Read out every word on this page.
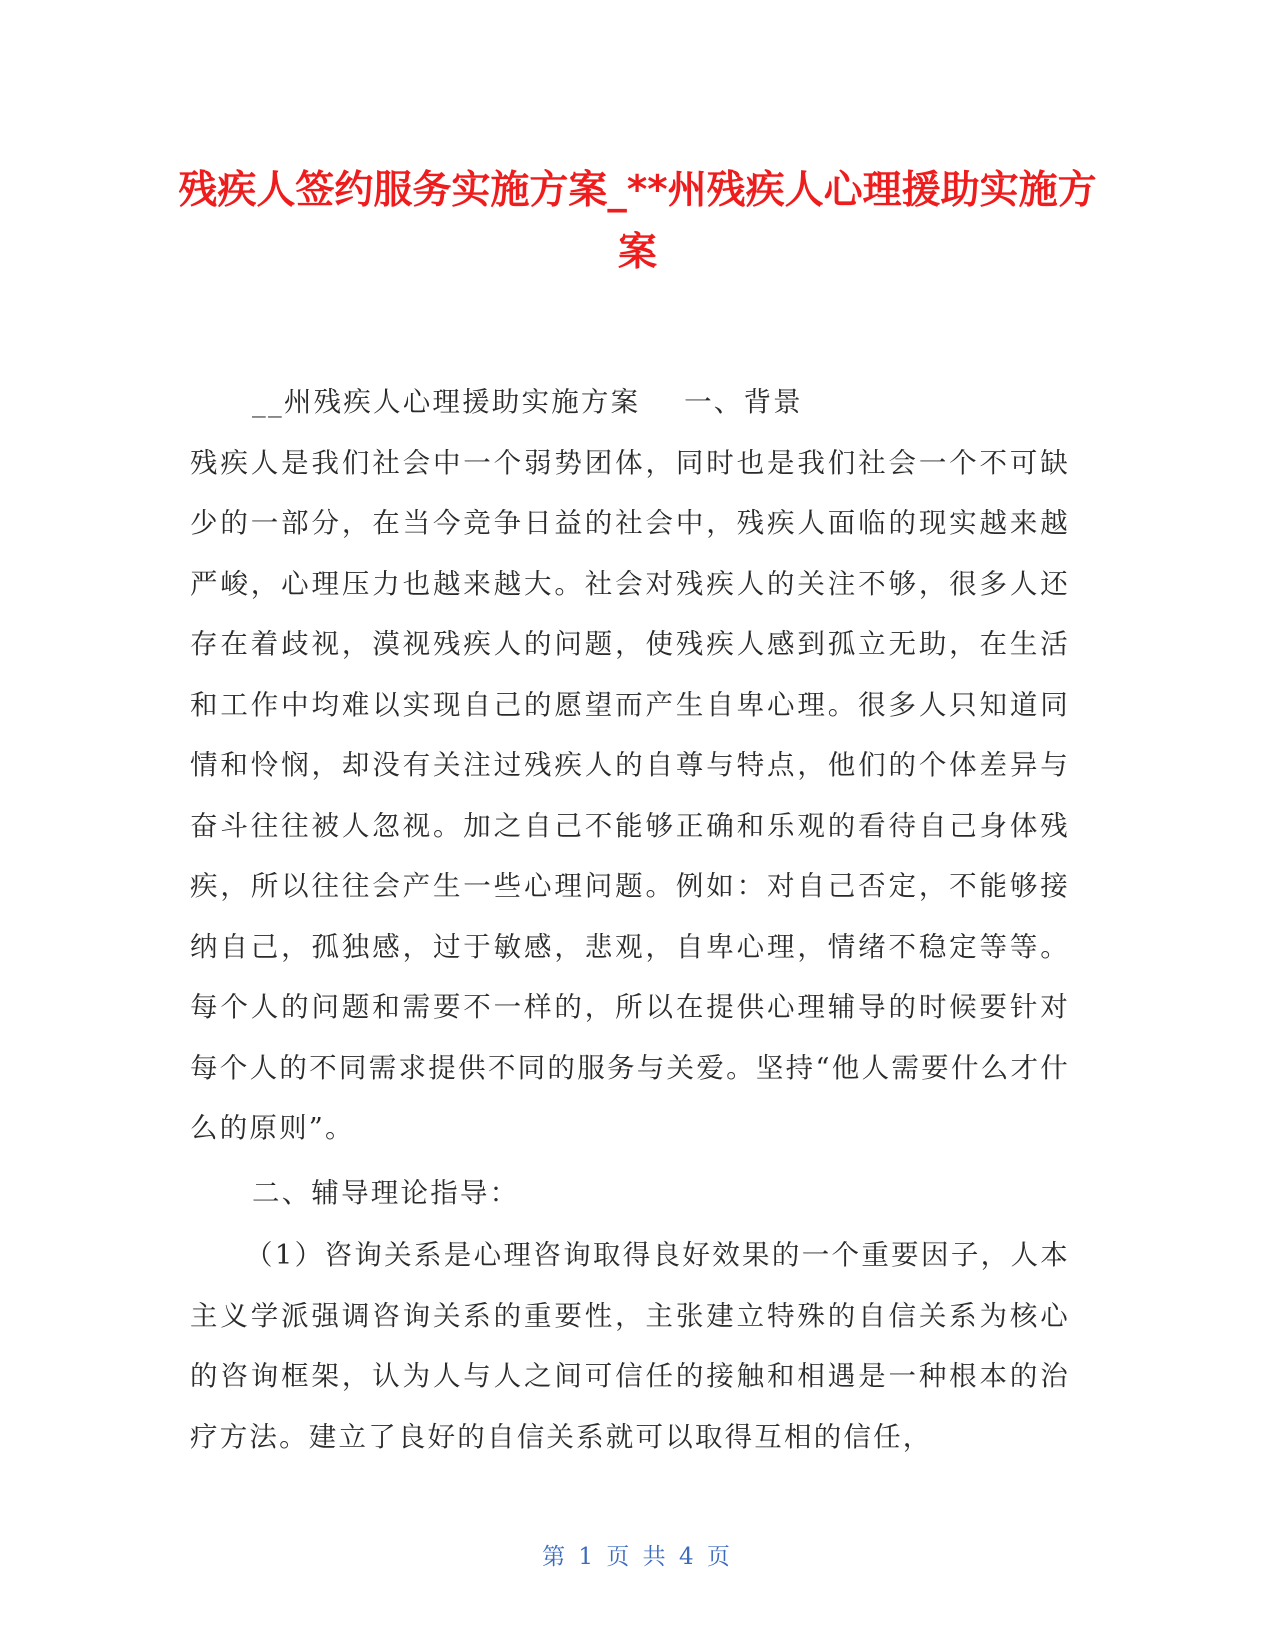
残疾人签约服务实施方案_**州残疾人心理援助实施方案

__州残疾人心理援助实施方案    一、背景

残疾人是我们社会中一个弱势团体，同时也是我们社会一个不可缺少的一部分，在当今竞争日益的社会中，残疾人面临的现实越来越严峻，心理压力也越来越大。社会对残疾人的关注不够，很多人还存在着歧视，漠视残疾人的问题，使残疾人感到孤立无助，在生活和工作中均难以实现自己的愿望而产生自卑心理。很多人只知道同情和怜悯，却没有关注过残疾人的自尊与特点，他们的个体差异与奋斗往往被人忽视。加之自己不能够正确和乐观的看待自己身体残疾，所以往往会产生一些心理问题。例如：对自己否定，不能够接纳自己，孤独感，过于敏感，悲观，自卑心理，情绪不稳定等等。每个人的问题和需要不一样的，所以在提供心理辅导的时候要针对每个人的不同需求提供不同的服务与关爱。坚持“他人需要什么才什么的原则”。

二、辅导理论指导：

（1）咨询关系是心理咨询取得良好效果的一个重要因子，人本主义学派强调咨询关系的重要性，主张建立特殊的自信关系为核心的咨询框架，认为人与人之间可信任的接触和相遇是一种根本的治疗方法。建立了良好的自信关系就可以取得互相的信任，

第 1 页 共 4 页
